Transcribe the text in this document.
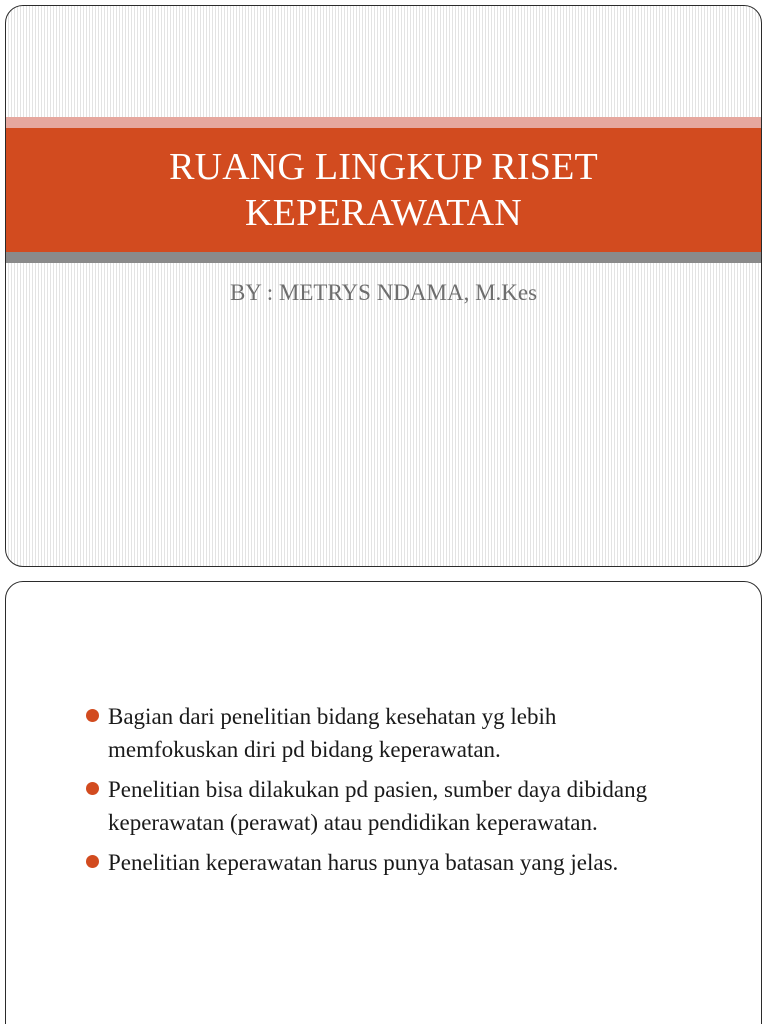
RUANG LINGKUP RISET KEPERAWATAN
BY : METRYS NDAMA, M.Kes
Bagian dari penelitian bidang kesehatan yg lebih memfokuskan diri pd bidang keperawatan.
Penelitian bisa dilakukan pd pasien, sumber daya dibidang keperawatan (perawat) atau pendidikan keperawatan.
Penelitian keperawatan harus punya batasan yang jelas.
